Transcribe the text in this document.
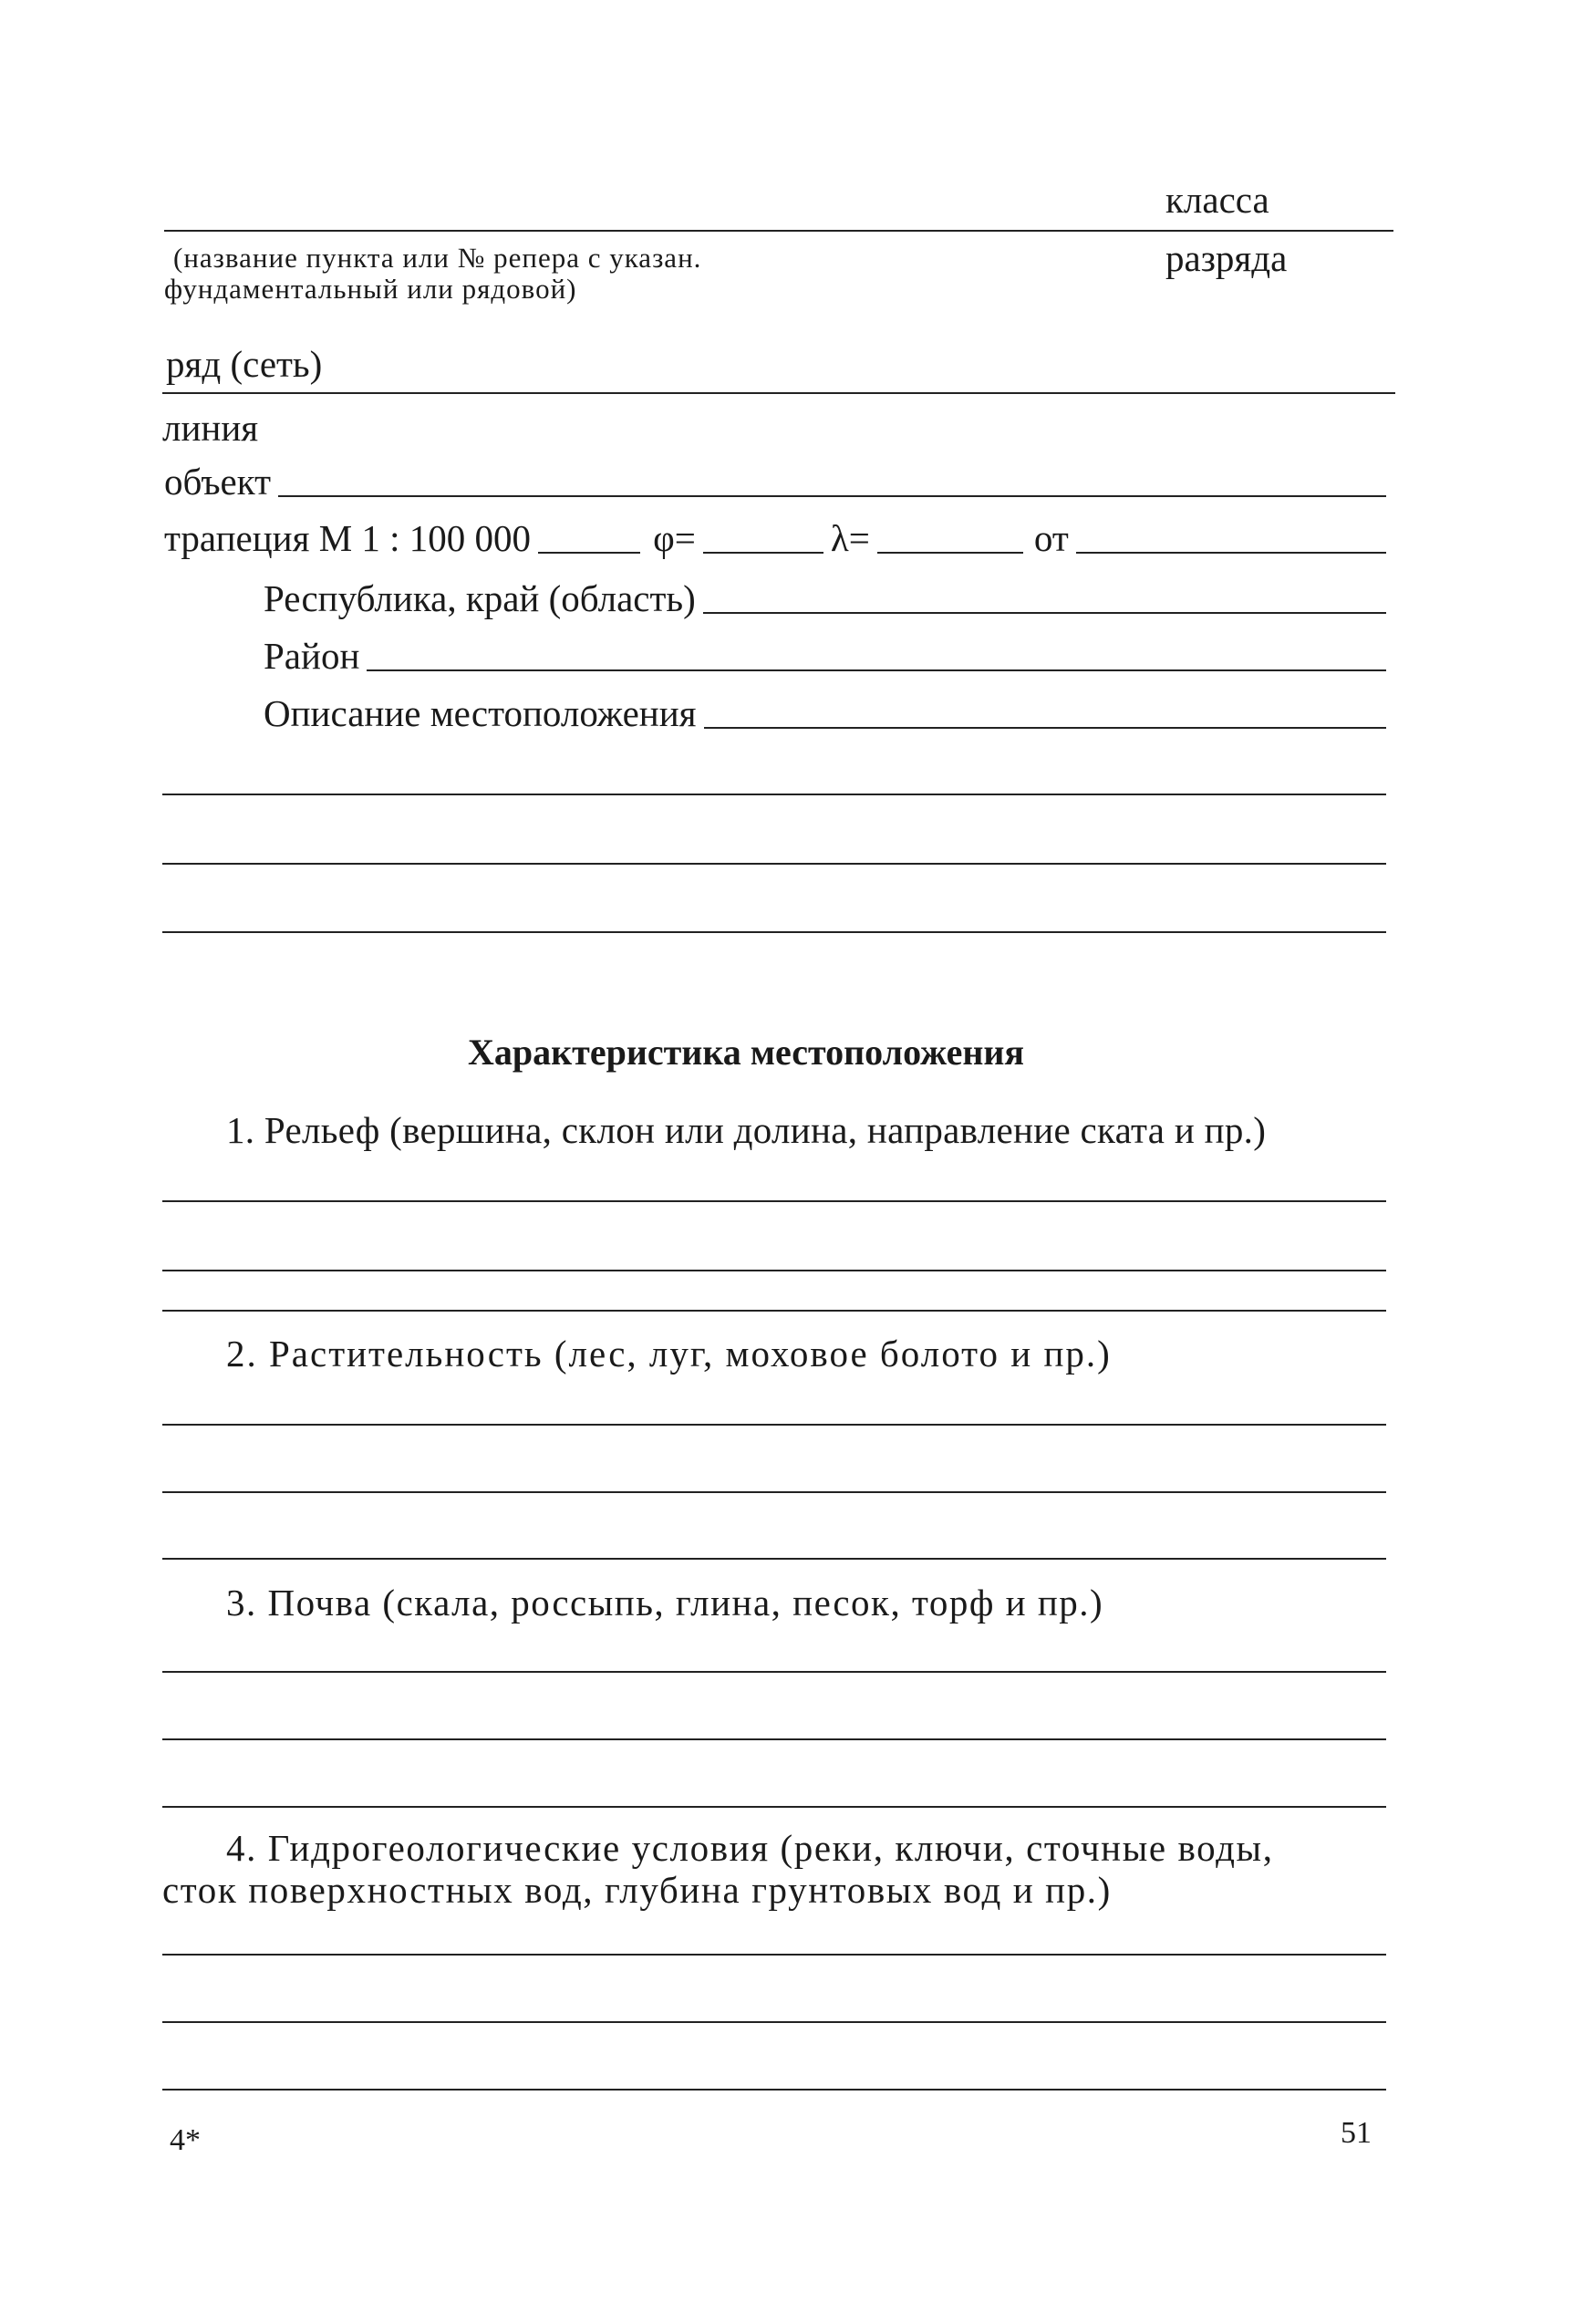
класса
(название пункта или № репера с указан.
фундаментальный или рядовой)
разряда
ряд (сеть)
линия
объект
трапеция М 1 : 100 000	φ=	λ=	от
Республика, край (область)
Район
Описание местоположения
Характеристика местоположения
1. Рельеф (вершина, склон или долина, направление ската и пр.)
2. Растительность (лес, луг, моховое болото и пр.)
3. Почва (скала, россыпь, глина, песок, торф и пр.)
4. Гидрогеологические условия (реки, ключи, сточные воды,
сток поверхностных вод, глубина грунтовых вод и пр.)
4*	51
